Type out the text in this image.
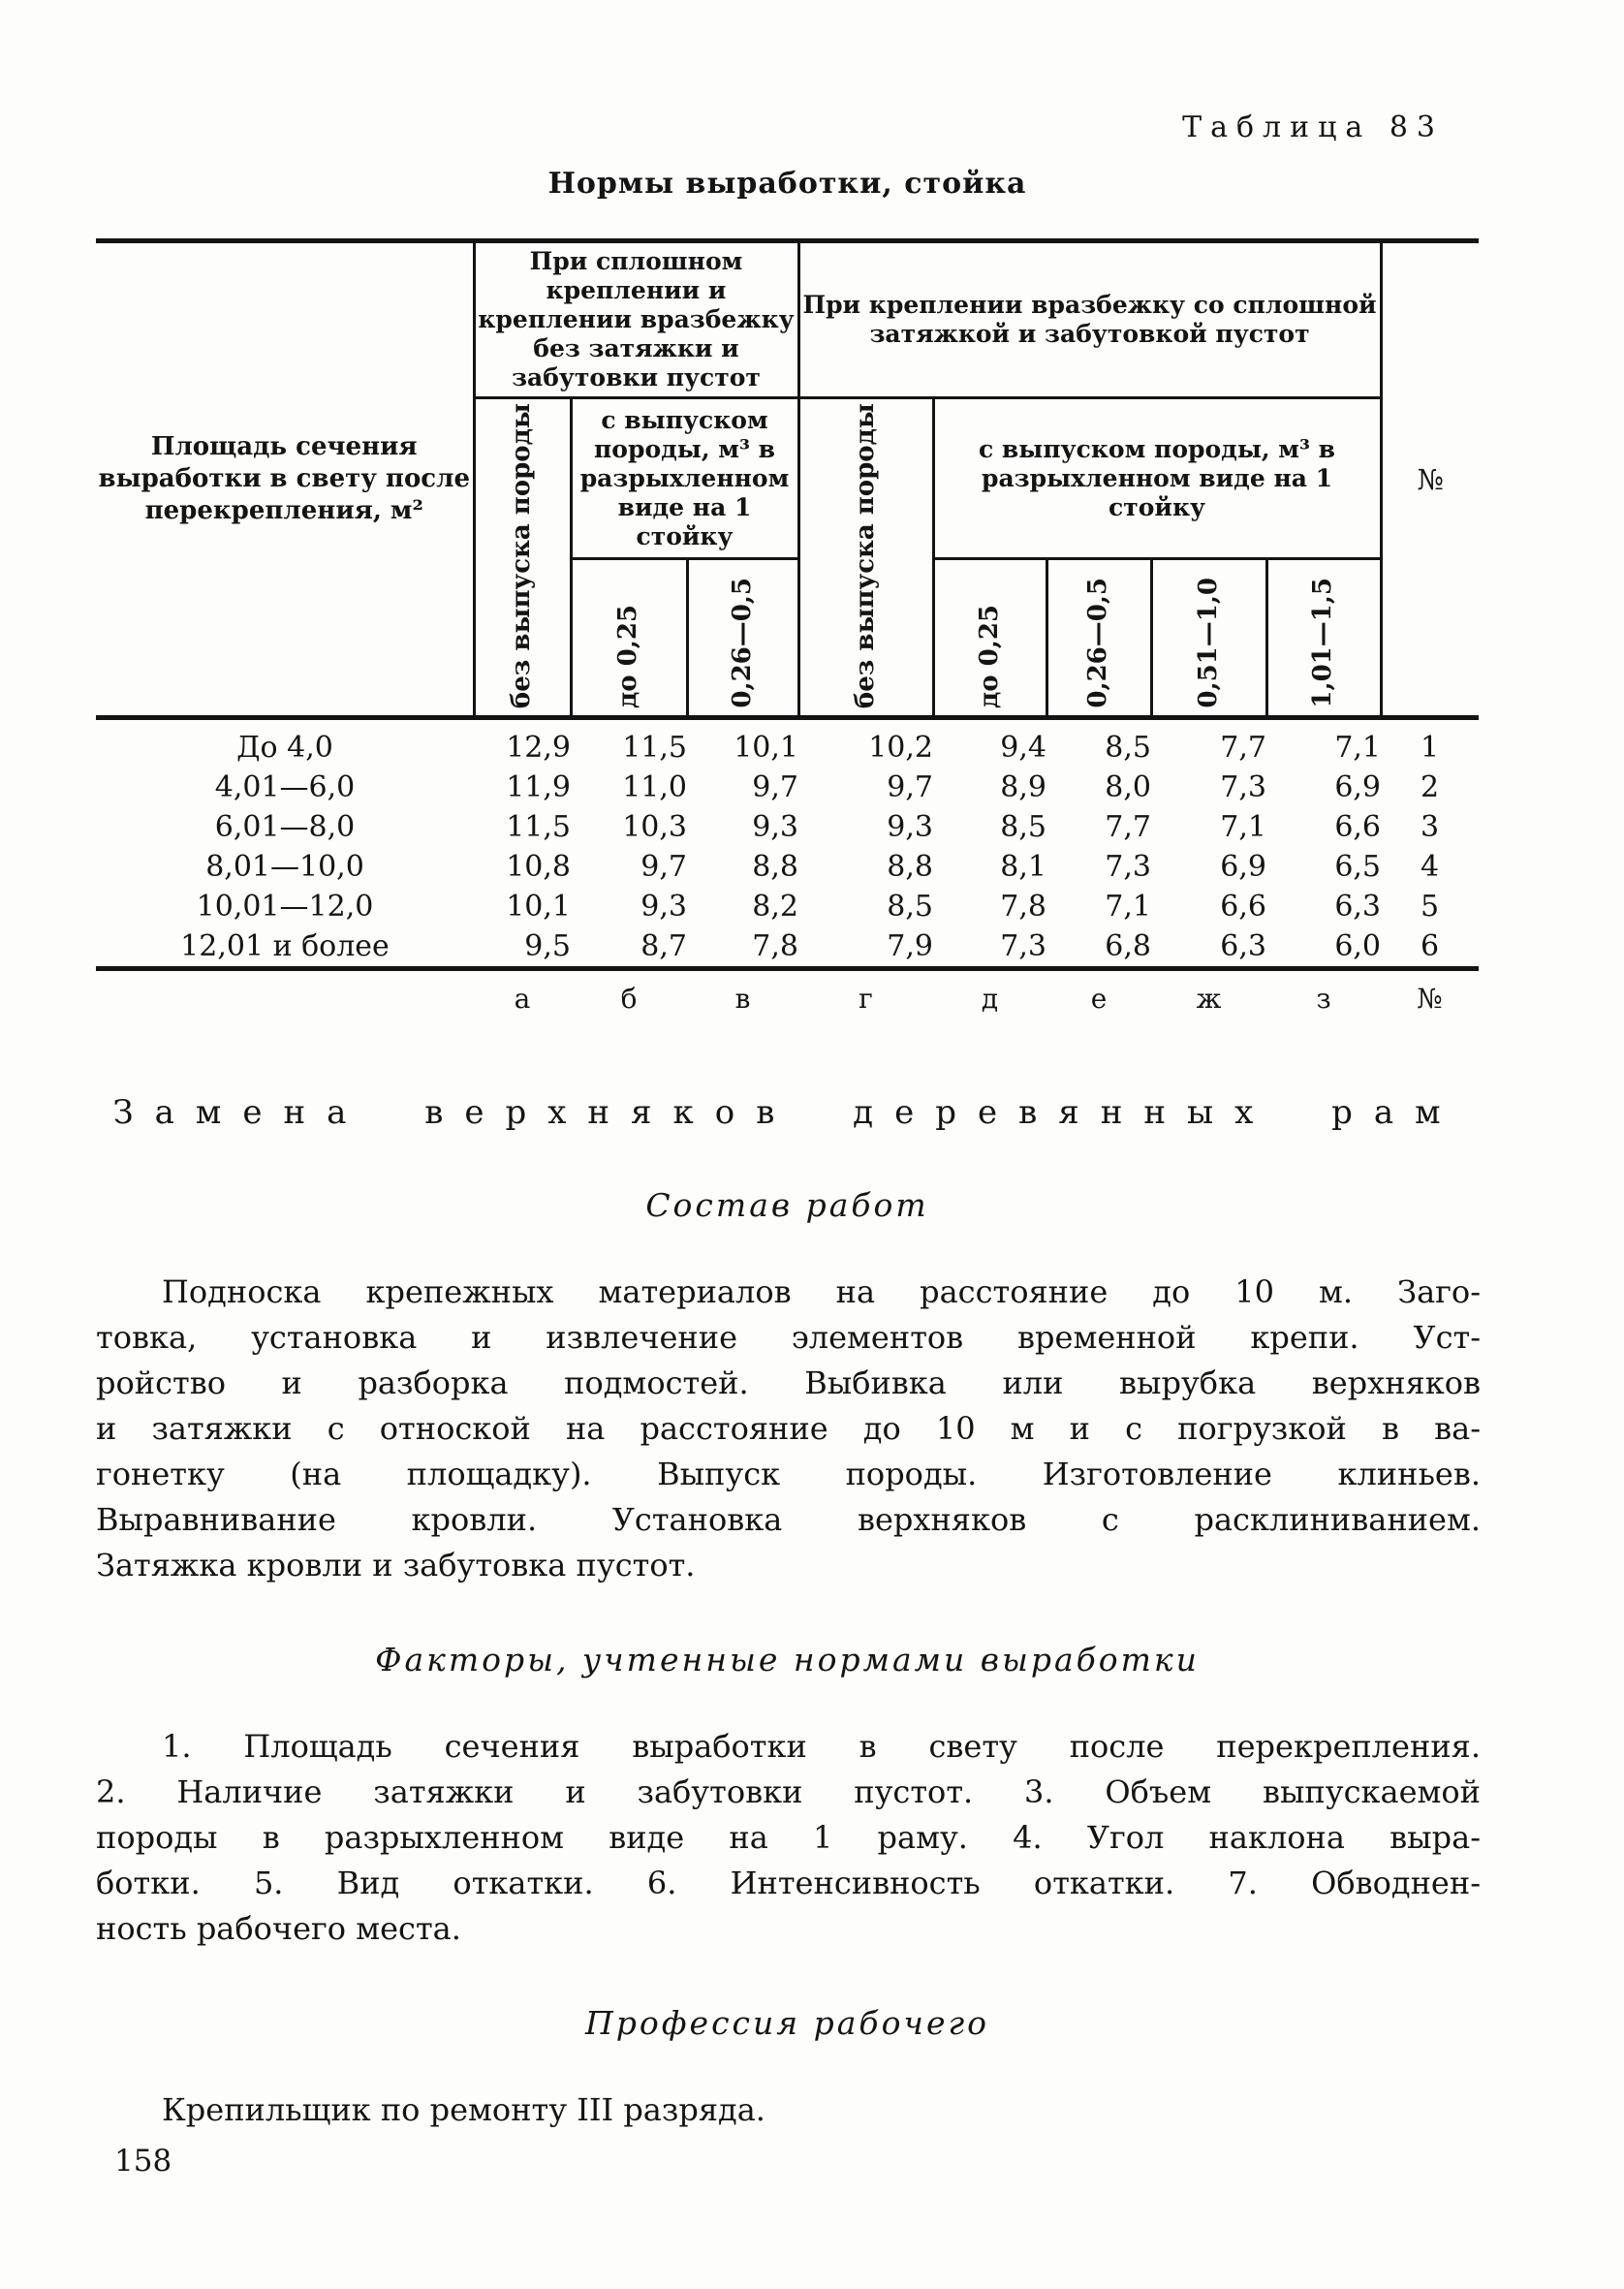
Таблица 83
Нормы выработки, стойка
Площадь сечения выработки в свету после перекрепления, м²	При сплошном креплении и креплении вразбежку без затяжки и забутовки пустот			При креплении вразбежку со сплошной затяжкой и забутовкой пустот					№
	без выпуска породы	с выпуском породы, м³ в разрыхленном виде на 1 стойку		без выпуска породы	с выпуском породы, м³ в разрыхленном виде на 1 стойку				
		до 0,25	0,26—0,5		до 0,25	0,26—0,5	0,51—1,0	1,01—1,5	
До 4,0	12,9	11,5	10,1	10,2	9,4	8,5	7,7	7,1	1
4,01—6,0	11,9	11,0	9,7	9,7	8,9	8,0	7,3	6,9	2
6,01—8,0	11,5	10,3	9,3	9,3	8,5	7,7	7,1	6,6	3
8,01—10,0	10,8	9,7	8,8	8,8	8,1	7,3	6,9	6,5	4
10,01—12,0	10,1	9,3	8,2	8,5	7,8	7,1	6,6	6,3	5
12,01 и более	9,5	8,7	7,8	7,9	7,3	6,8	6,3	6,0	6
	а	б	в	г	д	е	ж	з	№
Замена верхняков деревянных рам
Состав работ
Подноска крепежных материалов на расстояние до 10 м. Заго-
товка, установка и извлечение элементов временной крепи. Уст-
ройство и разборка подмостей. Выбивка или вырубка верхняков
и затяжки с отноской на расстояние до 10 м и с погрузкой в ва-
гонетку (на площадку). Выпуск породы. Изготовление клиньев.
Выравнивание кровли. Установка верхняков с расклиниванием.
Затяжка кровли и забутовка пустот.
Факторы, учтенные нормами выработки
1. Площадь сечения выработки в свету после перекрепления.
2. Наличие затяжки и забутовки пустот. 3. Объем выпускаемой
породы в разрыхленном виде на 1 раму. 4. Угол наклона выра-
ботки. 5. Вид откатки. 6. Интенсивность откатки. 7. Обводнен-
ность рабочего места.
Профессия рабочего
Крепильщик по ремонту III разряда.
158
